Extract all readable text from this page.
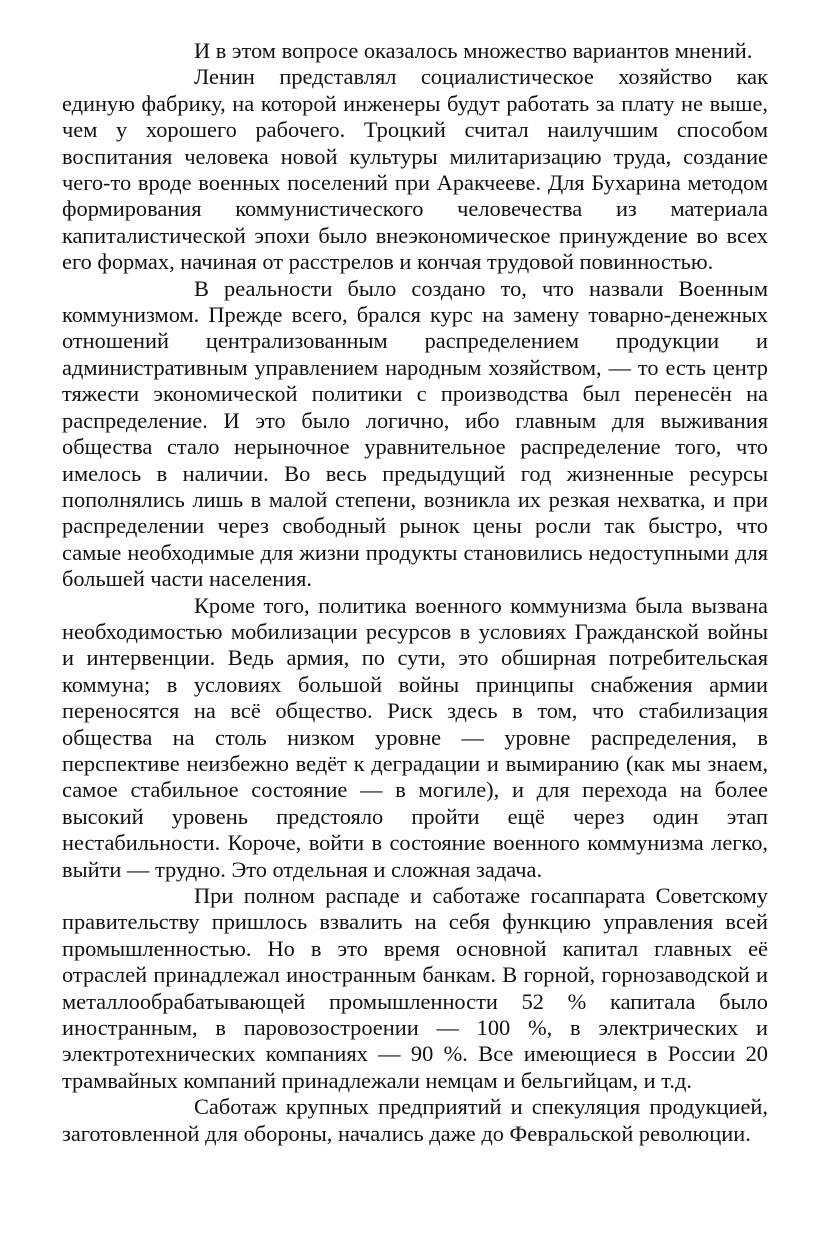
И в этом вопросе оказалось множество вариантов мнений.

Ленин представлял социалистическое хозяйство как единую фабрику, на которой инженеры будут работать за плату не выше, чем у хорошего рабочего. Троцкий считал наилучшим способом воспитания человека новой культуры милитаризацию труда, создание чего-то вроде военных поселений при Аракчееве. Для Бухарина методом формирования коммунистического человечества из материала капиталистической эпохи было внеэкономическое принуждение во всех его формах, начиная от расстрелов и кончая трудовой повинностью.

В реальности было создано то, что назвали Военным коммунизмом. Прежде всего, брался курс на замену товарно-денежных отношений централизованным распределением продукции и административным управлением народным хозяйством, — то есть центр тяжести экономической политики с производства был перенесён на распределение. И это было логично, ибо главным для выживания общества стало нерыночное уравнительное распределение того, что имелось в наличии. Во весь предыдущий год жизненные ресурсы пополнялись лишь в малой степени, возникла их резкая нехватка, и при распределении через свободный рынок цены росли так быстро, что самые необходимые для жизни продукты становились недоступными для большей части населения.

Кроме того, политика военного коммунизма была вызвана необходимостью мобилизации ресурсов в условиях Гражданской войны и интервенции. Ведь армия, по сути, это обширная потребительская коммуна; в условиях большой войны принципы снабжения армии переносятся на всё общество. Риск здесь в том, что стабилизация общества на столь низком уровне — уровне распределения, в перспективе неизбежно ведёт к деградации и вымиранию (как мы знаем, самое стабильное состояние — в могиле), и для перехода на более высокий уровень предстояло пройти ещё через один этап нестабильности. Короче, войти в состояние военного коммунизма легко, выйти — трудно. Это отдельная и сложная задача.

При полном распаде и саботаже госаппарата Советскому правительству пришлось взвалить на себя функцию управления всей промышленностью. Но в это время основной капитал главных её отраслей принадлежал иностранным банкам. В горной, горнозаводской и металлообрабатывающей промышленности 52 % капитала было иностранным, в паровозостроении — 100 %, в электрических и электротехнических компаниях — 90 %. Все имеющиеся в России 20 трамвайных компаний принадлежали немцам и бельгийцам, и т.д.

Саботаж крупных предприятий и спекуляция продукцией, заготовленной для обороны, начались даже до Февральской революции.
